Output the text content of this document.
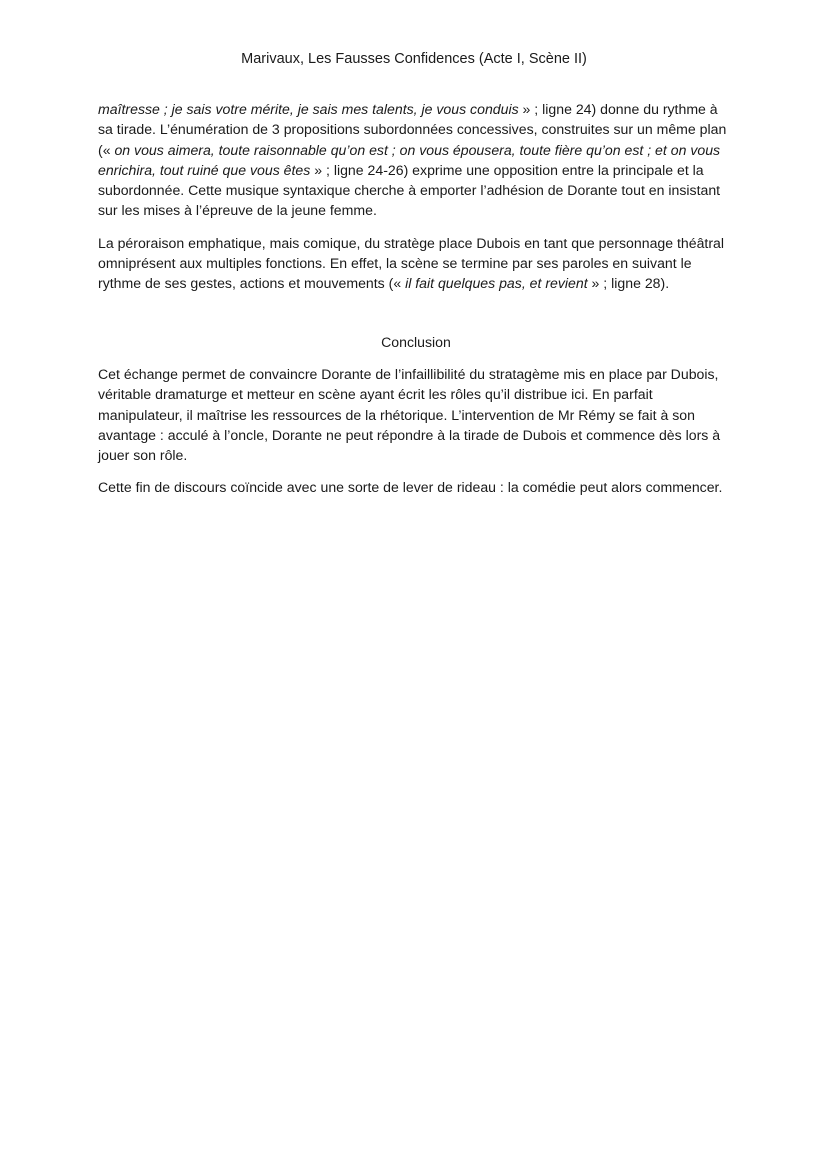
Marivaux, Les Fausses Confidences (Acte I, Scène II)

maîtresse ; je sais votre mérite, je sais mes talents, je vous conduis » ; ligne 24) donne du rythme à sa tirade. L’énumération de 3 propositions subordonnées concessives, construites sur un même plan (« on vous aimera, toute raisonnable qu’on est ; on vous épousera, toute fière qu’on est ; et on vous enrichira, tout ruiné que vous êtes » ; ligne 24-26) exprime une opposition entre la principale et la subordonnée. Cette musique syntaxique cherche à emporter l’adhésion de Dorante tout en insistant sur les mises à l’épreuve de la jeune femme.

La péroraison emphatique, mais comique, du stratège place Dubois en tant que personnage théâtral omniprésent aux multiples fonctions. En effet, la scène se termine par ses paroles en suivant le rythme de ses gestes, actions et mouvements (« il fait quelques pas, et revient » ; ligne 28).

Conclusion

Cet échange permet de convaincre Dorante de l’infaillibilité du stratagème mis en place par Dubois, véritable dramaturge et metteur en scène ayant écrit les rôles qu’il distribue ici. En parfait manipulateur, il maîtrise les ressources de la rhétorique. L’intervention de Mr Rémy se fait à son avantage : acculé à l’oncle, Dorante ne peut répondre à la tirade de Dubois et commence dès lors à jouer son rôle.

Cette fin de discours coïncide avec une sorte de lever de rideau : la comédie peut alors commencer.
